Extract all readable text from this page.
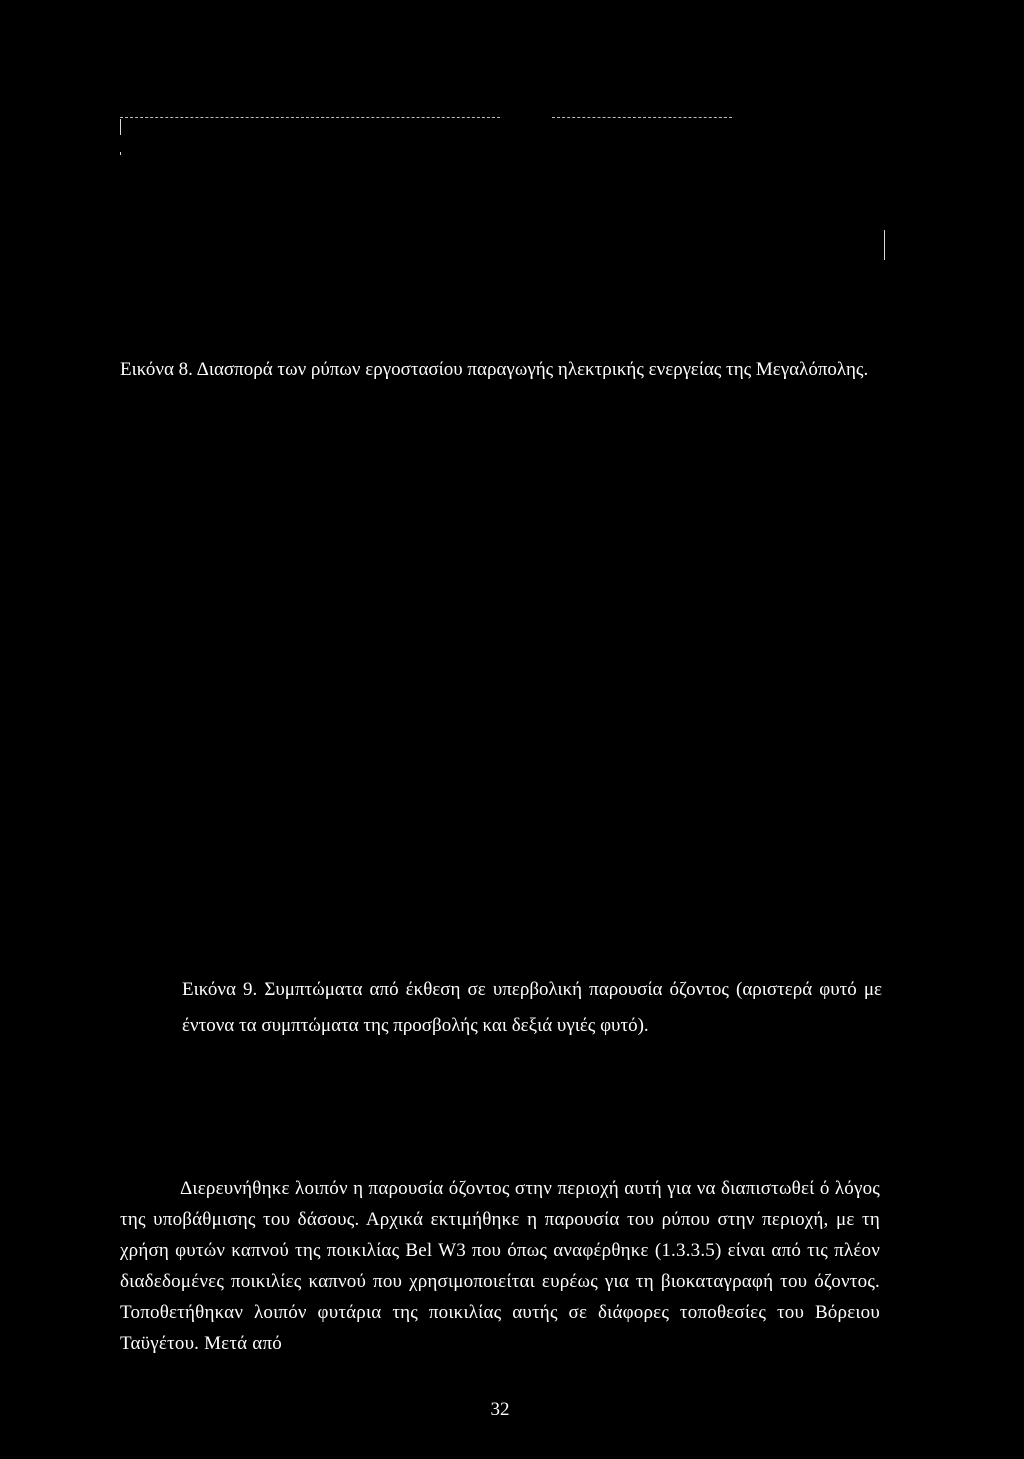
Εικόνα 8. Διασπορά των ρύπων εργοστασίου παραγωγής ηλεκτρικής ενεργείας της Μεγαλόπολης.
Εικόνα 9. Συμπτώματα από έκθεση σε υπερβολική παρουσία όζοντος (αριστερά φυτό με έντονα τα συμπτώματα της προσβολής και δεξιά υγιές φυτό).
Διερευνήθηκε λοιπόν η παρουσία όζοντος στην περιοχή αυτή για να διαπιστωθεί ό λόγος της υποβάθμισης του δάσους. Αρχικά εκτιμήθηκε η παρουσία του ρύπου στην περιοχή, με τη χρήση φυτών καπνού της ποικιλίας Bel W3 που όπως αναφέρθηκε (1.3.3.5) είναι από τις πλέον διαδεδομένες ποικιλίες καπνού που χρησιμοποιείται ευρέως για τη βιοκαταγραφή του όζοντος. Τοποθετήθηκαν λοιπόν φυτάρια της ποικιλίας αυτής σε διάφορες τοποθεσίες του Βόρειου Ταϋγέτου. Μετά από
32
